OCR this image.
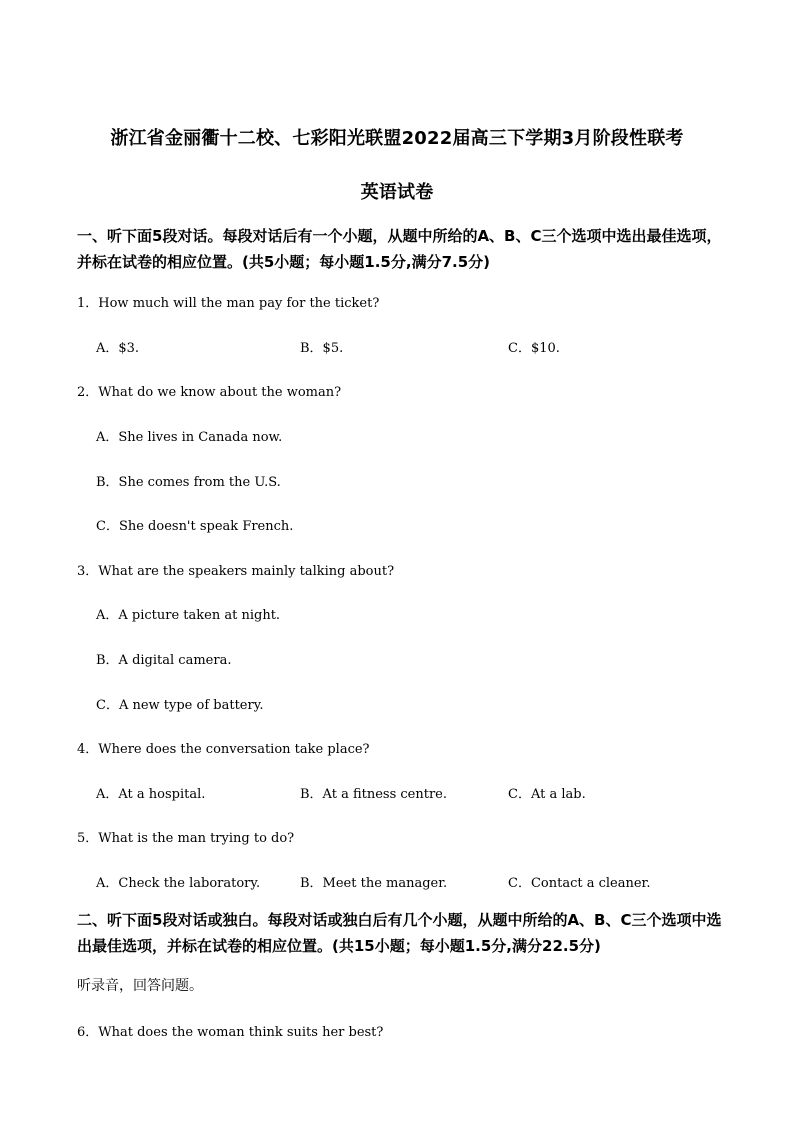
浙江省金丽衢十二校、七彩阳光联盟2022届高三下学期3月阶段性联考
英语试卷
一、听下面5段对话。每段对话后有一个小题，从题中所给的A、B、C三个选项中选出最佳选项，并标在试卷的相应位置。(共5小题；每小题1.5分,满分7.5分)
1．How much will the man pay for the ticket?
A．$3.	B．$5.	C．$10.
2．What do we know about the woman?
A．She lives in Canada now.
B．She comes from the U.S.
C．She doesn't speak French.
3．What are the speakers mainly talking about?
A．A picture taken at night.
B．A digital camera.
C．A new type of battery.
4．Where does the conversation take place?
A．At a hospital.	B．At a fitness centre.	C．At a lab.
5．What is the man trying to do?
A．Check the laboratory.	B．Meet the manager.	C．Contact a cleaner.
二、听下面5段对话或独白。每段对话或独白后有几个小题，从题中所给的A、B、C三个选项中选出最佳选项，并标在试卷的相应位置。(共15小题；每小题1.5分,满分22.5分)
听录音，回答问题。
6．What does the woman think suits her best?
